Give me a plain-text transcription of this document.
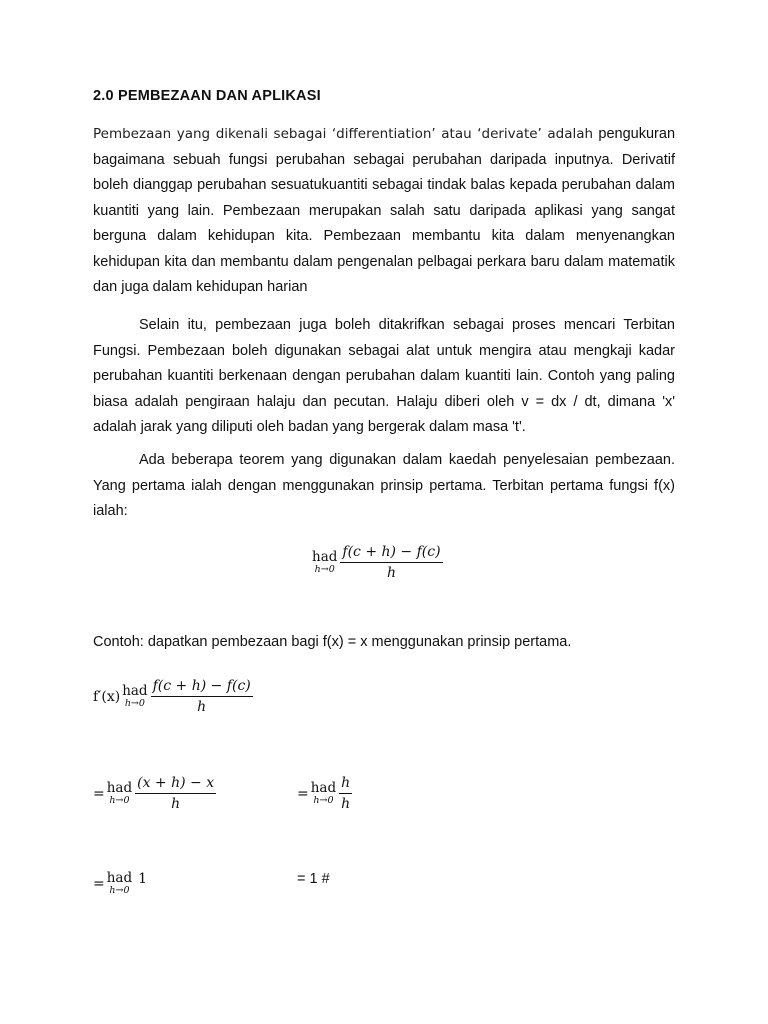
2.0 PEMBEZAAN DAN APLIKASI

Pembezaan yang dikenali sebagai ‘differentiation’ atau ‘derivate’ adalah pengukuran bagaimana sebuah fungsi perubahan sebagai perubahan daripada inputnya. Derivatif boleh dianggap perubahan sesuatukuantiti sebagai tindak balas kepada perubahan dalam kuantiti yang lain. Pembezaan merupakan salah satu daripada aplikasi yang sangat berguna dalam kehidupan kita. Pembezaan membantu kita dalam menyenangkan kehidupan kita dan membantu dalam pengenalan pelbagai perkara baru dalam matematik dan juga dalam kehidupan harian

Selain itu, pembezaan juga boleh ditakrifkan sebagai proses mencari Terbitan Fungsi. Pembezaan boleh digunakan sebagai alat untuk mengira atau mengkaji kadar perubahan kuantiti berkenaan dengan perubahan dalam kuantiti lain. Contoh yang paling biasa adalah pengiraan halaju dan pecutan. Halaju diberi oleh v = dx / dt, dimana 'x' adalah jarak yang diliputi oleh badan yang bergerak dalam masa 't'.

Ada beberapa teorem yang digunakan dalam kaedah penyelesaian pembezaan. Yang pertama ialah dengan menggunakan prinsip pertama. Terbitan pertama fungsi f(x) ialah:

had
$h\to 0 \frac{f(c + h) - f(c)}{h}$
Contoh: dapatkan pembezaan bagi f(x) = x menggunakan prinsip pertama.
f′(x) had
$h\to 0 \frac{f(c + h) - f(c)}{h}$
= had
$h\to 0 \frac{(x + h) - x}{h}$	= had
$h\to 0 \frac{h}{h}$
= had
h→0
1	= 1 #
